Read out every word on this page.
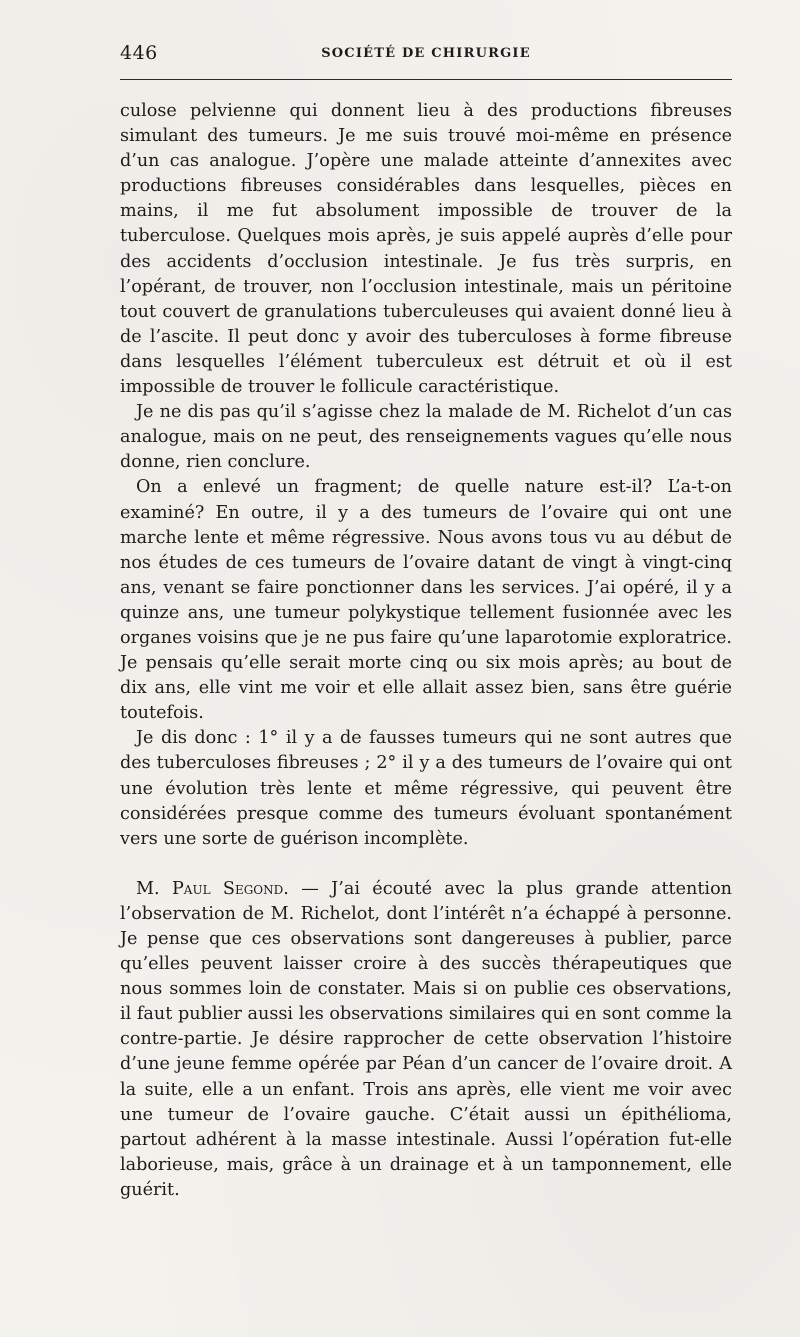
446	SOCIÉTÉ DE CHIRURGIE

culose pelvienne qui donnent lieu à des productions fibreuses simulant des tumeurs. Je me suis trouvé moi-même en présence d’un cas analogue. J’opère une malade atteinte d’annexites avec productions fibreuses considérables dans lesquelles, pièces en mains, il me fut absolument impossible de trouver de la tuberculose. Quelques mois après, je suis appelé auprès d’elle pour des accidents d’occlusion intestinale. Je fus très surpris, en l’opérant, de trouver, non l’occlusion intestinale, mais un péritoine tout couvert de granulations tuberculeuses qui avaient donné lieu à de l’ascite. Il peut donc y avoir des tuberculoses à forme fibreuse dans lesquelles l’élément tuberculeux est détruit et où il est impossible de trouver le follicule caractéristique.

Je ne dis pas qu’il s’agisse chez la malade de M. Richelot d’un cas analogue, mais on ne peut, des renseignements vagues qu’elle nous donne, rien conclure.

On a enlevé un fragment; de quelle nature est-il? L’a-t-on examiné? En outre, il y a des tumeurs de l’ovaire qui ont une marche lente et même régressive. Nous avons tous vu au début de nos études de ces tumeurs de l’ovaire datant de vingt à vingt-cinq ans, venant se faire ponctionner dans les services. J’ai opéré, il y a quinze ans, une tumeur polykystique tellement fusionnée avec les organes voisins que je ne pus faire qu’une laparotomie exploratrice. Je pensais qu’elle serait morte cinq ou six mois après; au bout de dix ans, elle vint me voir et elle allait assez bien, sans être guérie toutefois.

Je dis donc : 1° il y a de fausses tumeurs qui ne sont autres que des tuberculoses fibreuses ; 2° il y a des tumeurs de l’ovaire qui ont une évolution très lente et même régressive, qui peuvent être considérées presque comme des tumeurs évoluant spontanément vers une sorte de guérison incomplète.

M. Paul Segond. — J’ai écouté avec la plus grande attention l’observation de M. Richelot, dont l’intérêt n’a échappé à personne. Je pense que ces observations sont dangereuses à publier, parce qu’elles peuvent laisser croire à des succès thérapeutiques que nous sommes loin de constater. Mais si on publie ces observations, il faut publier aussi les observations similaires qui en sont comme la contre-partie. Je désire rapprocher de cette observation l’histoire d’une jeune femme opérée par Péan d’un cancer de l’ovaire droit. A la suite, elle a un enfant. Trois ans après, elle vient me voir avec une tumeur de l’ovaire gauche. C’était aussi un épithélioma, partout adhérent à la masse intestinale. Aussi l’opération fut-elle laborieuse, mais, grâce à un drainage et à un tamponnement, elle guérit.
